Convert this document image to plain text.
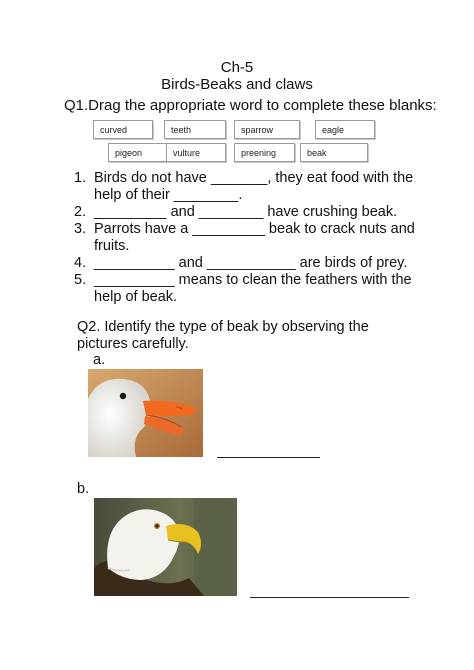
Ch-5
Birds-Beaks and claws
Q1.Drag the appropriate word to complete these blanks:
curved	teeth	sparrow	eagle
pigeon	vulture	preening	beak

1. Birds do not have _______, they eat food with the help of their ________.

2. _________ and ________ have crushing beak.

3. Parrots have a _________ beak to crack nuts and fruits.

4. __________ and ___________ are birds of prey.

5. __________ means to clean the feathers with the help of beak.

Q2. Identify the type of beak by observing the pictures carefully.
a.
b.
